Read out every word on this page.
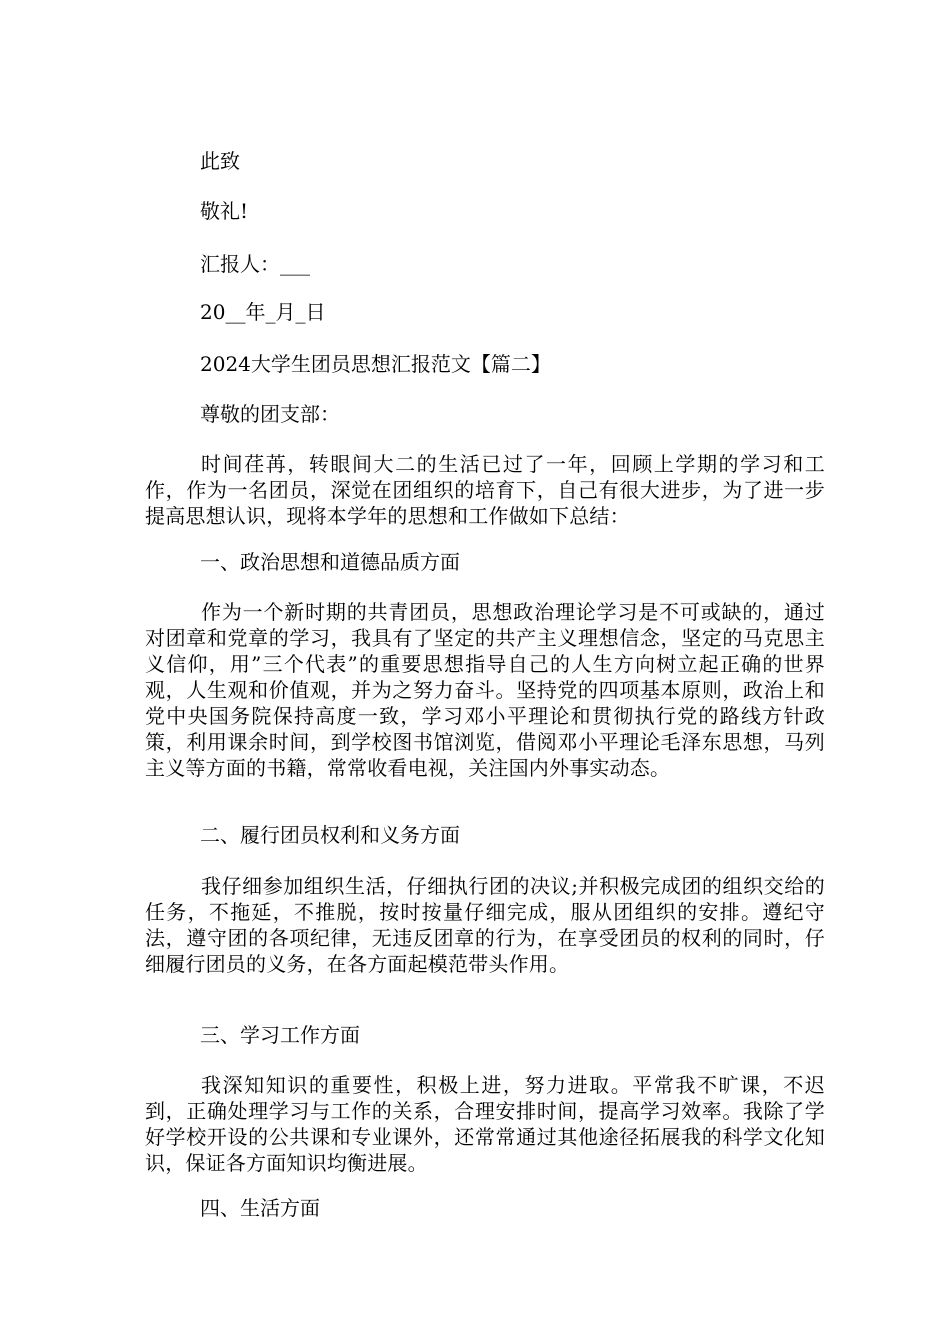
此致
敬礼!
汇报人：___
20__年_月_日
2024大学生团员思想汇报范文【篇二】
尊敬的团支部：
时间荏苒，转眼间大二的生活已过了一年，回顾上学期的学习和工作，作为一名团员，深觉在团组织的培育下，自己有很大进步，为了进一步提高思想认识，现将本学年的思想和工作做如下总结：
一、政治思想和道德品质方面
作为一个新时期的共青团员，思想政治理论学习是不可或缺的，通过对团章和党章的学习，我具有了坚定的共产主义理想信念，坚定的马克思主义信仰，用”三个代表”的重要思想指导自己的人生方向树立起正确的世界观，人生观和价值观，并为之努力奋斗。坚持党的四项基本原则，政治上和党中央国务院保持高度一致，学习邓小平理论和贯彻执行党的路线方针政策，利用课余时间，到学校图书馆浏览，借阅邓小平理论毛泽东思想，马列主义等方面的书籍，常常收看电视，关注国内外事实动态。
二、履行团员权利和义务方面
我仔细参加组织生活，仔细执行团的决议;并积极完成团的组织交给的任务，不拖延，不推脱，按时按量仔细完成，服从团组织的安排。遵纪守法，遵守团的各项纪律，无违反团章的行为，在享受团员的权利的同时，仔细履行团员的义务，在各方面起模范带头作用。
三、学习工作方面
我深知知识的重要性，积极上进，努力进取。平常我不旷课，不迟到，正确处理学习与工作的关系，合理安排时间，提高学习效率。我除了学好学校开设的公共课和专业课外，还常常通过其他途径拓展我的科学文化知识，保证各方面知识均衡进展。
四、生活方面
